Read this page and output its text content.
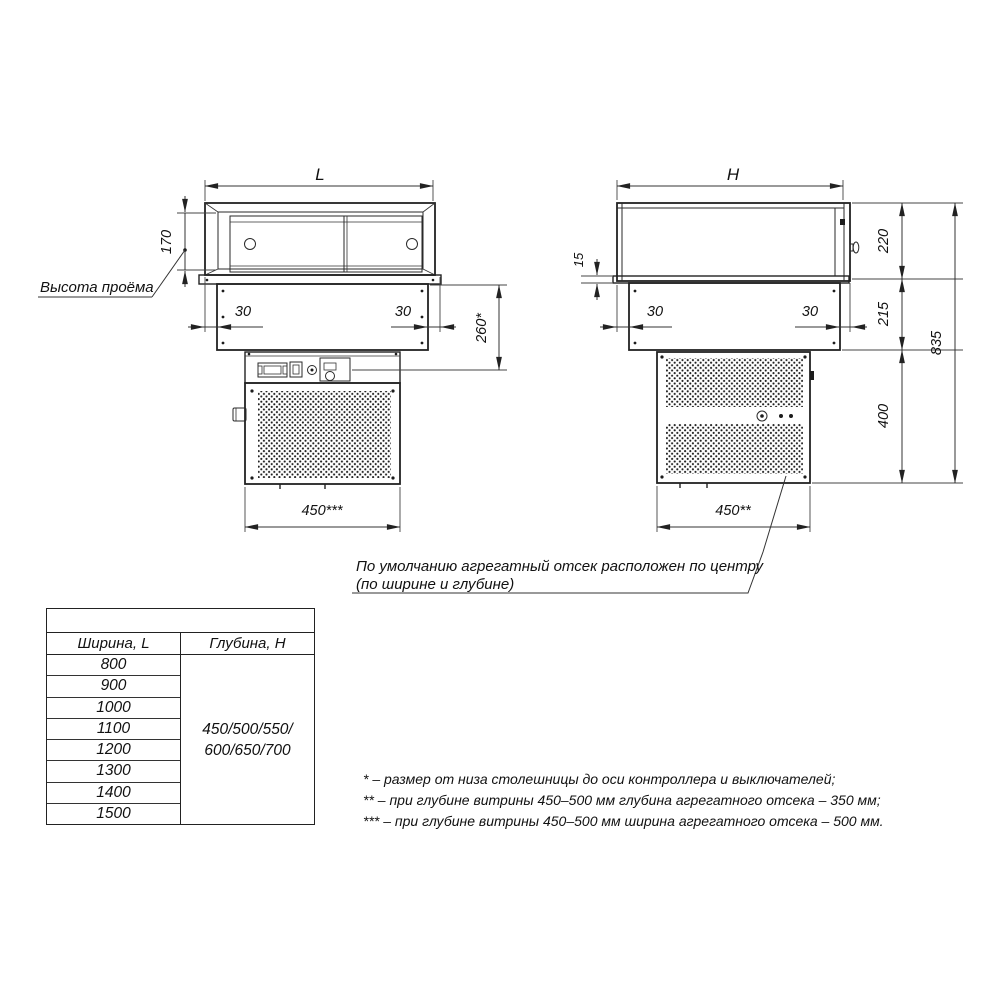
L
170
Высота проёма
30	30
260*
450***
H
15
30	30
220
215
400
835
450**
По умолчанию агрегатный отсек расположен по центру
(по ширине и глубине)
Ширина, L	Глубина, H
800
900
1000
1100
1200
1300
1400
1500
450/500/550/
600/650/700
* – размер от низа столешницы до оси контроллера и выключателей;
** – при глубине витрины 450–500 мм глубина агрегатного отсека – 350 мм;
*** – при глубине витрины 450–500 мм ширина агрегатного отсека – 500 мм.
